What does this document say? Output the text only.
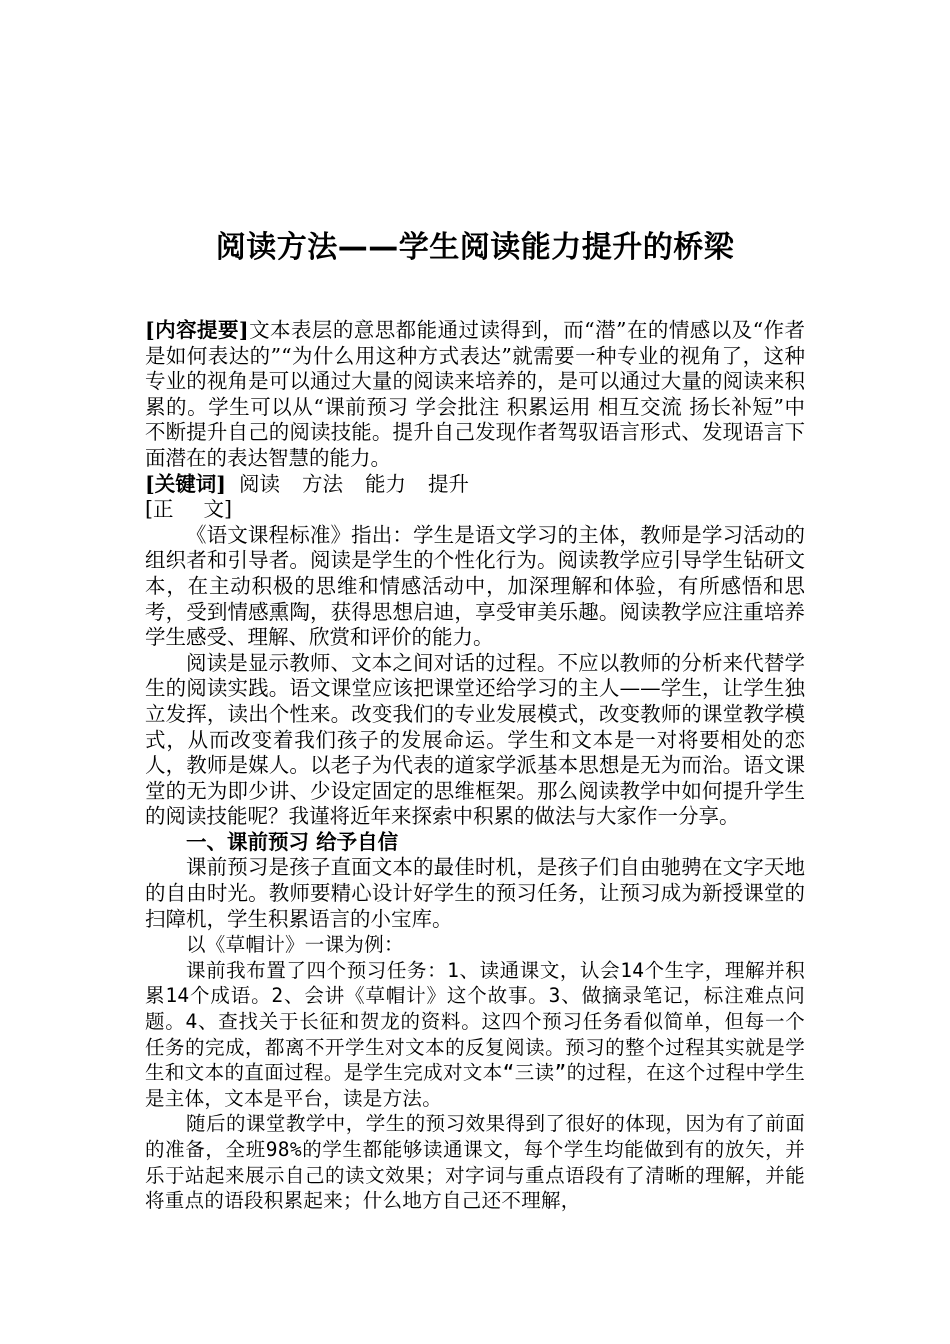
阅读方法——学生阅读能力提升的桥梁

[内容提要]文本表层的意思都能通过读得到，而“潜”在的情感以及“作者是如何表达的”“为什么用这种方式表达”就需要一种专业的视角了，这种专业的视角是可以通过大量的阅读来培养的，是可以通过大量的阅读来积累的。学生可以从“课前预习 学会批注 积累运用 相互交流 扬长补短”中不断提升自己的阅读技能。提升自己发现作者驾驭语言形式、发现语言下面潜在的表达智慧的能力。

[关键词] 阅读 方法 能力 提升

[正 文]

《语文课程标准》指出：学生是语文学习的主体，教师是学习活动的组织者和引导者。阅读是学生的个性化行为。阅读教学应引导学生钻研文本，在主动积极的思维和情感活动中，加深理解和体验，有所感悟和思考，受到情感熏陶，获得思想启迪，享受审美乐趣。阅读教学应注重培养学生感受、理解、欣赏和评价的能力。

阅读是显示教师、文本之间对话的过程。不应以教师的分析来代替学生的阅读实践。语文课堂应该把课堂还给学习的主人——学生，让学生独立发挥，读出个性来。改变我们的专业发展模式，改变教师的课堂教学模式，从而改变着我们孩子的发展命运。学生和文本是一对将要相处的恋人，教师是媒人。以老子为代表的道家学派基本思想是无为而治。语文课堂的无为即少讲、少设定固定的思维框架。那么阅读教学中如何提升学生的阅读技能呢？我谨将近年来探索中积累的做法与大家作一分享。

一、课前预习 给予自信

课前预习是孩子直面文本的最佳时机，是孩子们自由驰骋在文字天地的自由时光。教师要精心设计好学生的预习任务，让预习成为新授课堂的扫障机，学生积累语言的小宝库。

以《草帽计》一课为例：

课前我布置了四个预习任务：1、读通课文，认会14个生字，理解并积累14个成语。2、会讲《草帽计》这个故事。3、做摘录笔记，标注难点问题。4、查找关于长征和贺龙的资料。这四个预习任务看似简单，但每一个任务的完成，都离不开学生对文本的反复阅读。预习的整个过程其实就是学生和文本的直面过程。是学生完成对文本“三读”的过程，在这个过程中学生是主体，文本是平台，读是方法。

随后的课堂教学中，学生的预习效果得到了很好的体现，因为有了前面的准备，全班98%的学生都能够读通课文，每个学生均能做到有的放矢，并乐于站起来展示自己的读文效果；对字词与重点语段有了清晰的理解，并能将重点的语段积累起来；什么地方自己还不理解，
